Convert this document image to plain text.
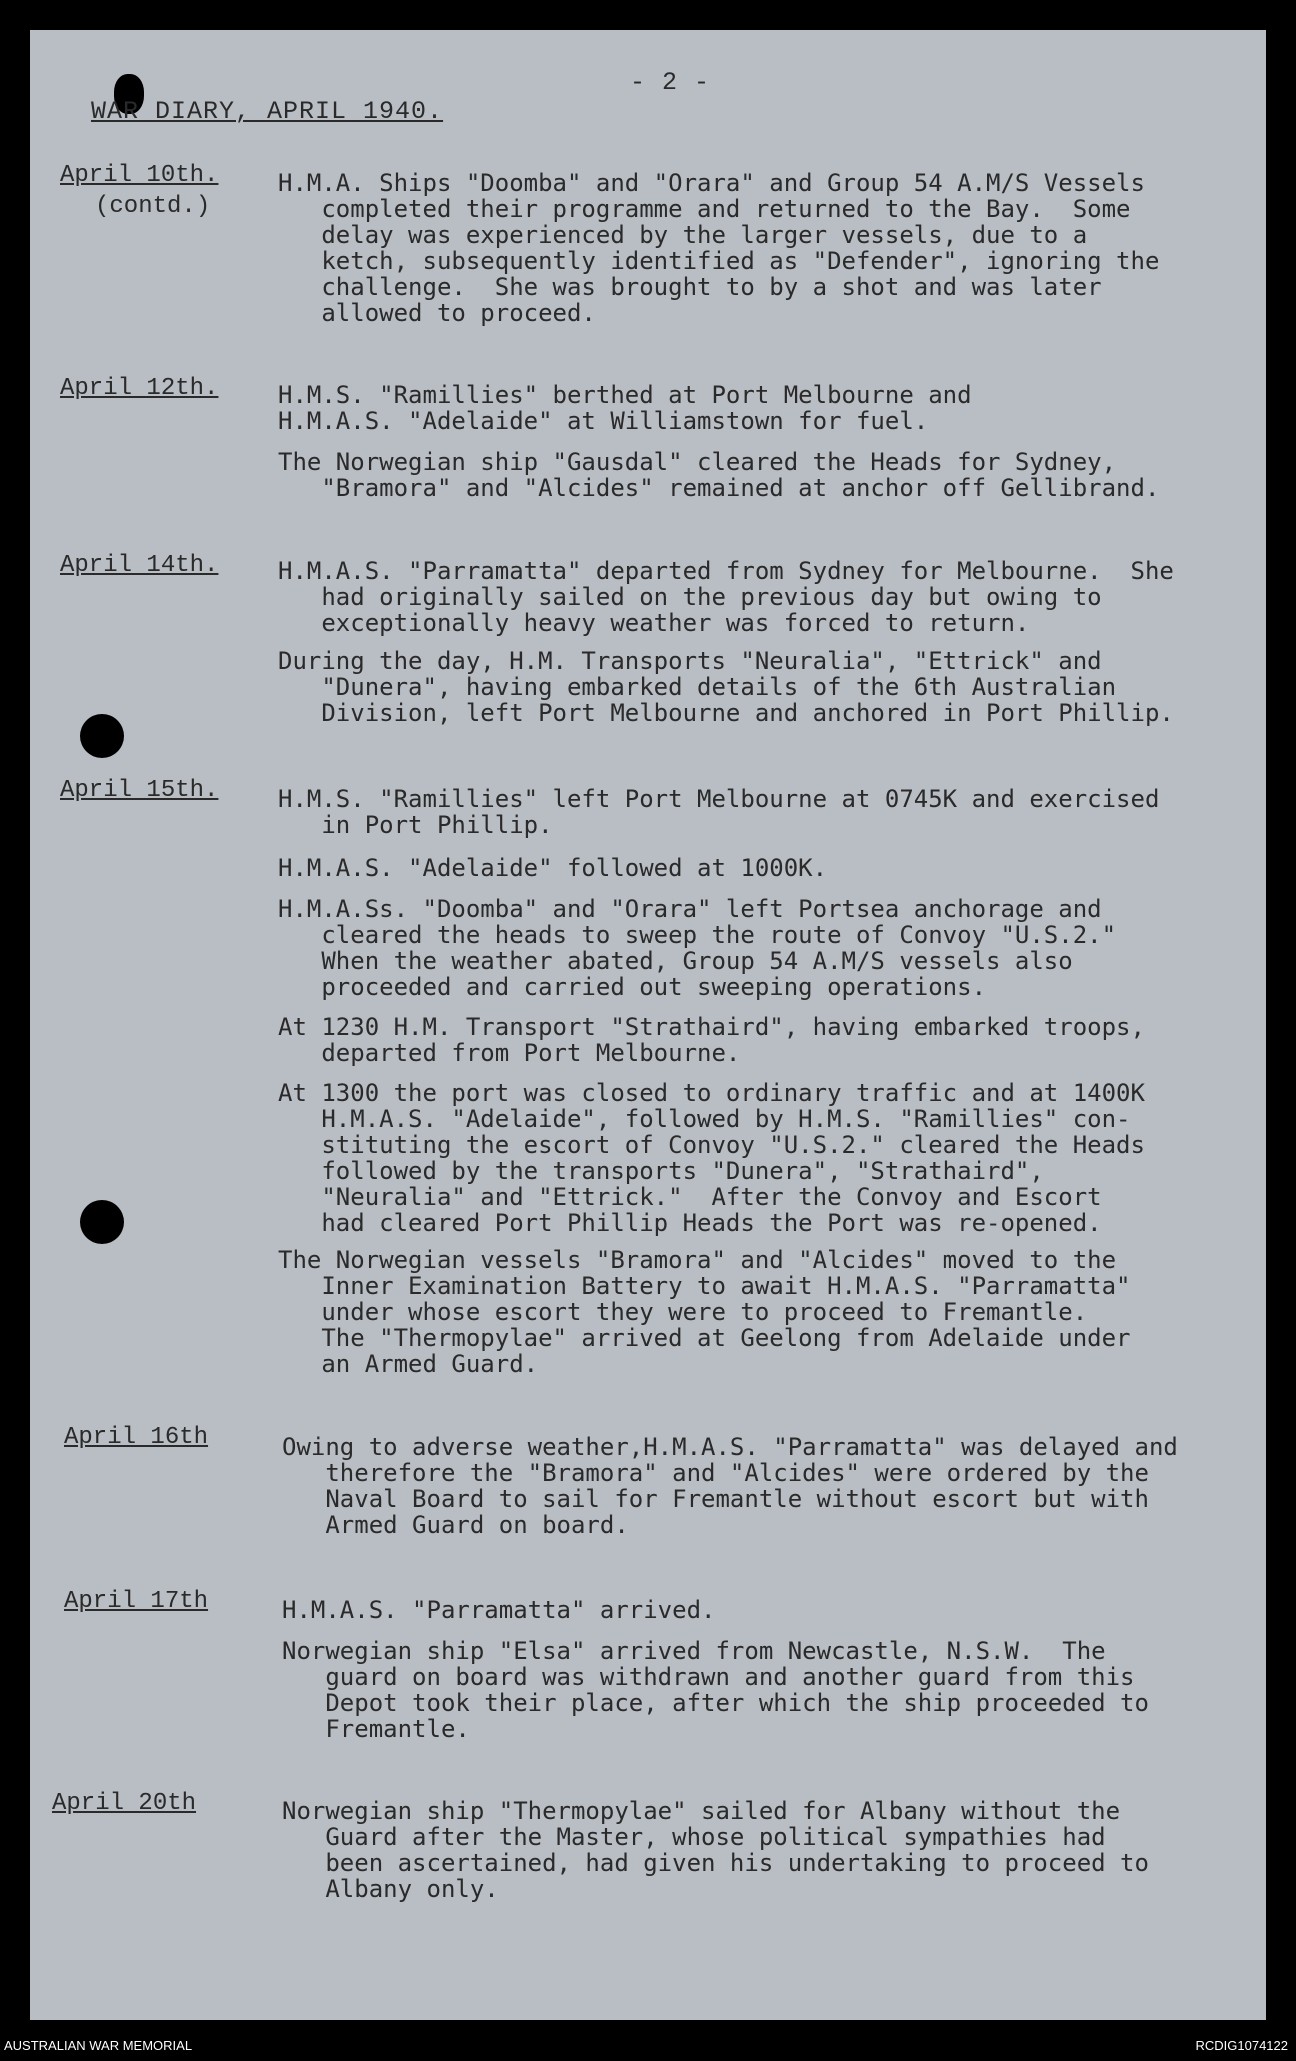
- 2 -
WAR DIARY, APRIL 1940.
April 10th.
(contd.)
H.M.A. Ships "Doomba" and "Orara" and Group 54 A.M/S Vessels
completed their programme and returned to the Bay.  Some
delay was experienced by the larger vessels, due to a
ketch, subsequently identified as "Defender", ignoring the
challenge.  She was brought to by a shot and was later
allowed to proceed.
April 12th. H.M.S. "Ramillies" berthed at Port Melbourne and
H.M.A.S. "Adelaide" at Williamstown for fuel.
The Norwegian ship "Gausdal" cleared the Heads for Sydney,
"Bramora" and "Alcides" remained at anchor off Gellibrand.
April 14th. H.M.A.S. "Parramatta" departed from Sydney for Melbourne.  She
had originally sailed on the previous day but owing to
exceptionally heavy weather was forced to return.
During the day, H.M. Transports "Neuralia", "Ettrick" and
"Dunera", having embarked details of the 6th Australian
Division, left Port Melbourne and anchored in Port Phillip.
April 15th. H.M.S. "Ramillies" left Port Melbourne at 0745K and exercised
in Port Phillip.
H.M.A.S. "Adelaide" followed at 1000K.
H.M.A.Ss. "Doomba" and "Orara" left Portsea anchorage and
cleared the heads to sweep the route of Convoy "U.S.2."
When the weather abated, Group 54 A.M/S vessels also
proceeded and carried out sweeping operations.
At 1230 H.M. Transport "Strathaird", having embarked troops,
departed from Port Melbourne.
At 1300 the port was closed to ordinary traffic and at 1400K
H.M.A.S. "Adelaide", followed by H.M.S. "Ramillies" con-
stituting the escort of Convoy "U.S.2." cleared the Heads
followed by the transports "Dunera", "Strathaird",
"Neuralia" and "Ettrick."  After the Convoy and Escort
had cleared Port Phillip Heads the Port was re-opened.
The Norwegian vessels "Bramora" and "Alcides" moved to the
Inner Examination Battery to await H.M.A.S. "Parramatta"
under whose escort they were to proceed to Fremantle.
The "Thermopylae" arrived at Geelong from Adelaide under
an Armed Guard.
April 16th	Owing to adverse weather,H.M.A.S. "Parramatta" was delayed and
therefore the "Bramora" and "Alcides" were ordered by the
Naval Board to sail for Fremantle without escort but with
Armed Guard on board.
April 17th	H.M.A.S. "Parramatta" arrived.
Norwegian ship "Elsa" arrived from Newcastle, N.S.W.  The
guard on board was withdrawn and another guard from this
Depot took their place, after which the ship proceeded to
Fremantle.
April 20th	Norwegian ship "Thermopylae" sailed for Albany without the
Guard after the Master, whose political sympathies had
been ascertained, had given his undertaking to proceed to
Albany only.
AUSTRALIAN WAR MEMORIAL	RCDIG1074122
